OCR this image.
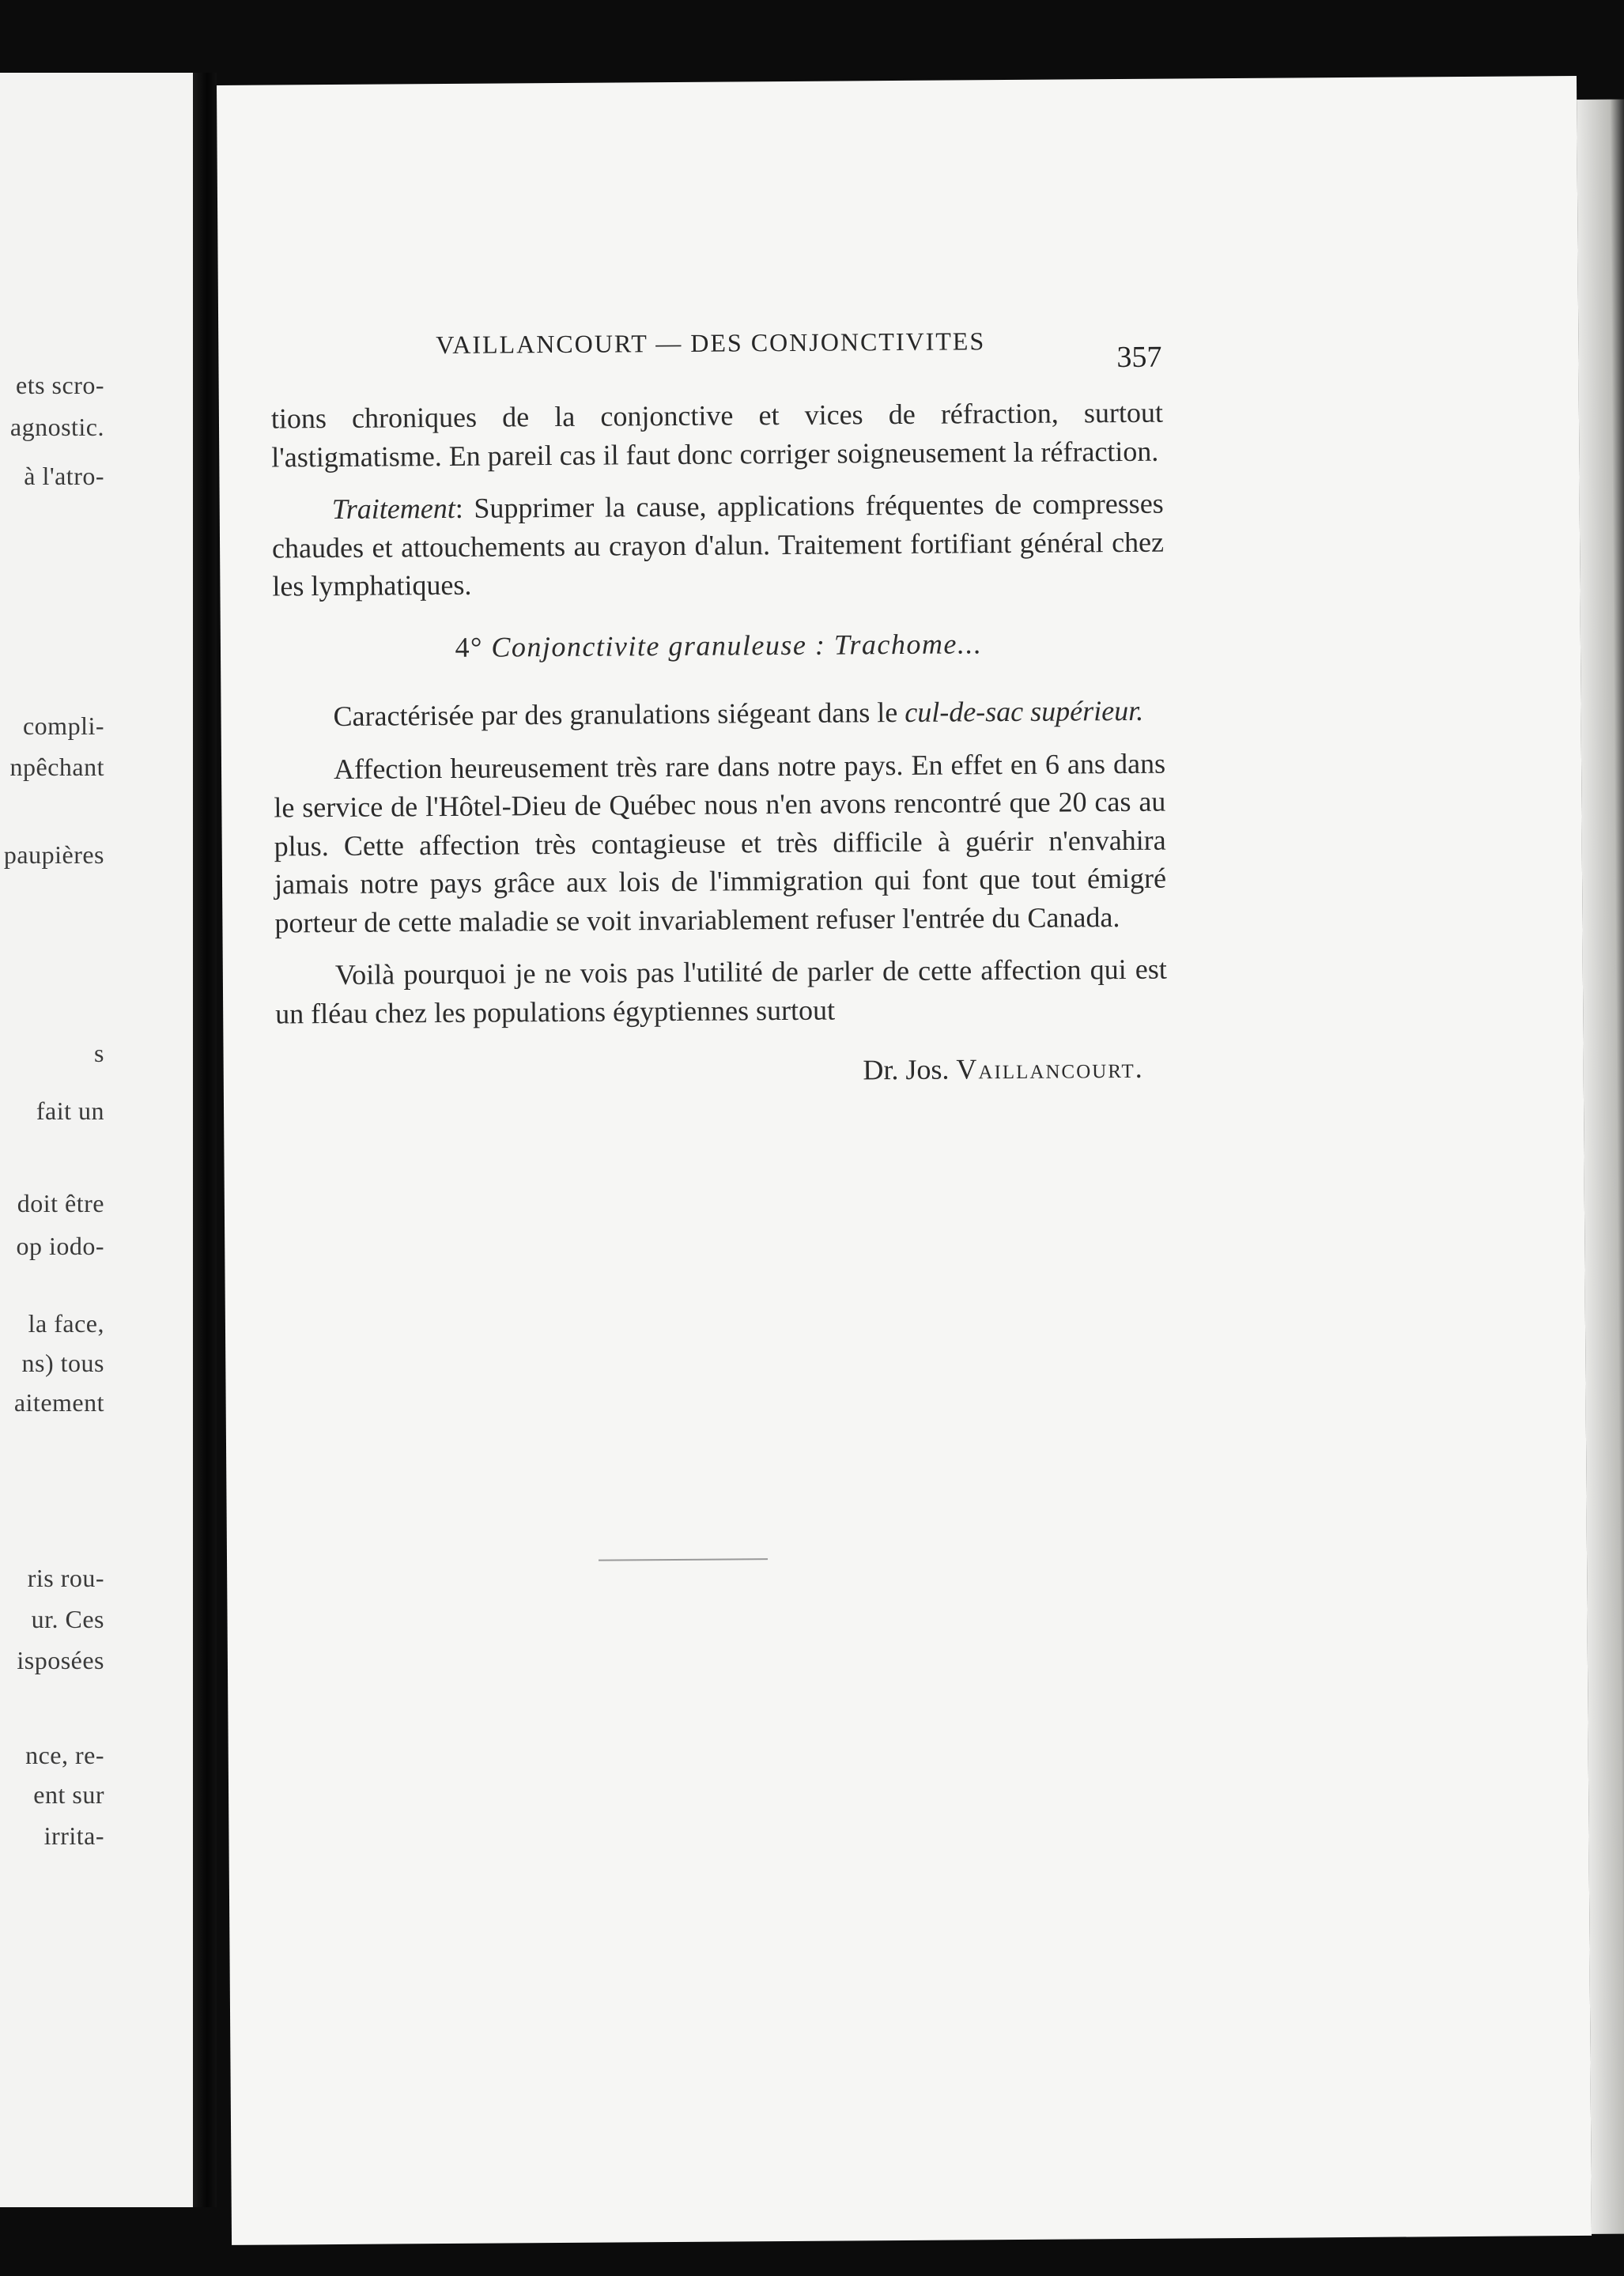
ets scro-
agnostic.
à l'atro-
compli-
npêchant
paupières
s
fait un
doit être
op iodo-
la face,
ns) tous
aitement
ris rou-
ur. Ces
isposées
nce, re-
ent sur
irrita-
VAILLANCOURT — DES CONJONCTIVITES	357

tions chroniques de la conjonctive et vices de réfraction, surtout l'astigmatisme. En pareil cas il faut donc corriger soigneusement la réfraction.

Traitement: Supprimer la cause, applications fréquentes de compresses chaudes et attouchements au crayon d'alun. Traitement fortifiant général chez les lymphatiques.

4° Conjonctivite granuleuse : Trachome...

Caractérisée par des granulations siégeant dans le cul-de-sac supérieur.

Affection heureusement très rare dans notre pays. En effet en 6 ans dans le service de l'Hôtel-Dieu de Québec nous n'en avons rencontré que 20 cas au plus. Cette affection très contagieuse et très difficile à guérir n'envahira jamais notre pays grâce aux lois de l'immigration qui font que tout émigré porteur de cette maladie se voit invariablement refuser l'entrée du Canada.

Voilà pourquoi je ne vois pas l'utilité de parler de cette affection qui est un fléau chez les populations égyptiennes surtout

Dr. Jos. Vaillancourt.
